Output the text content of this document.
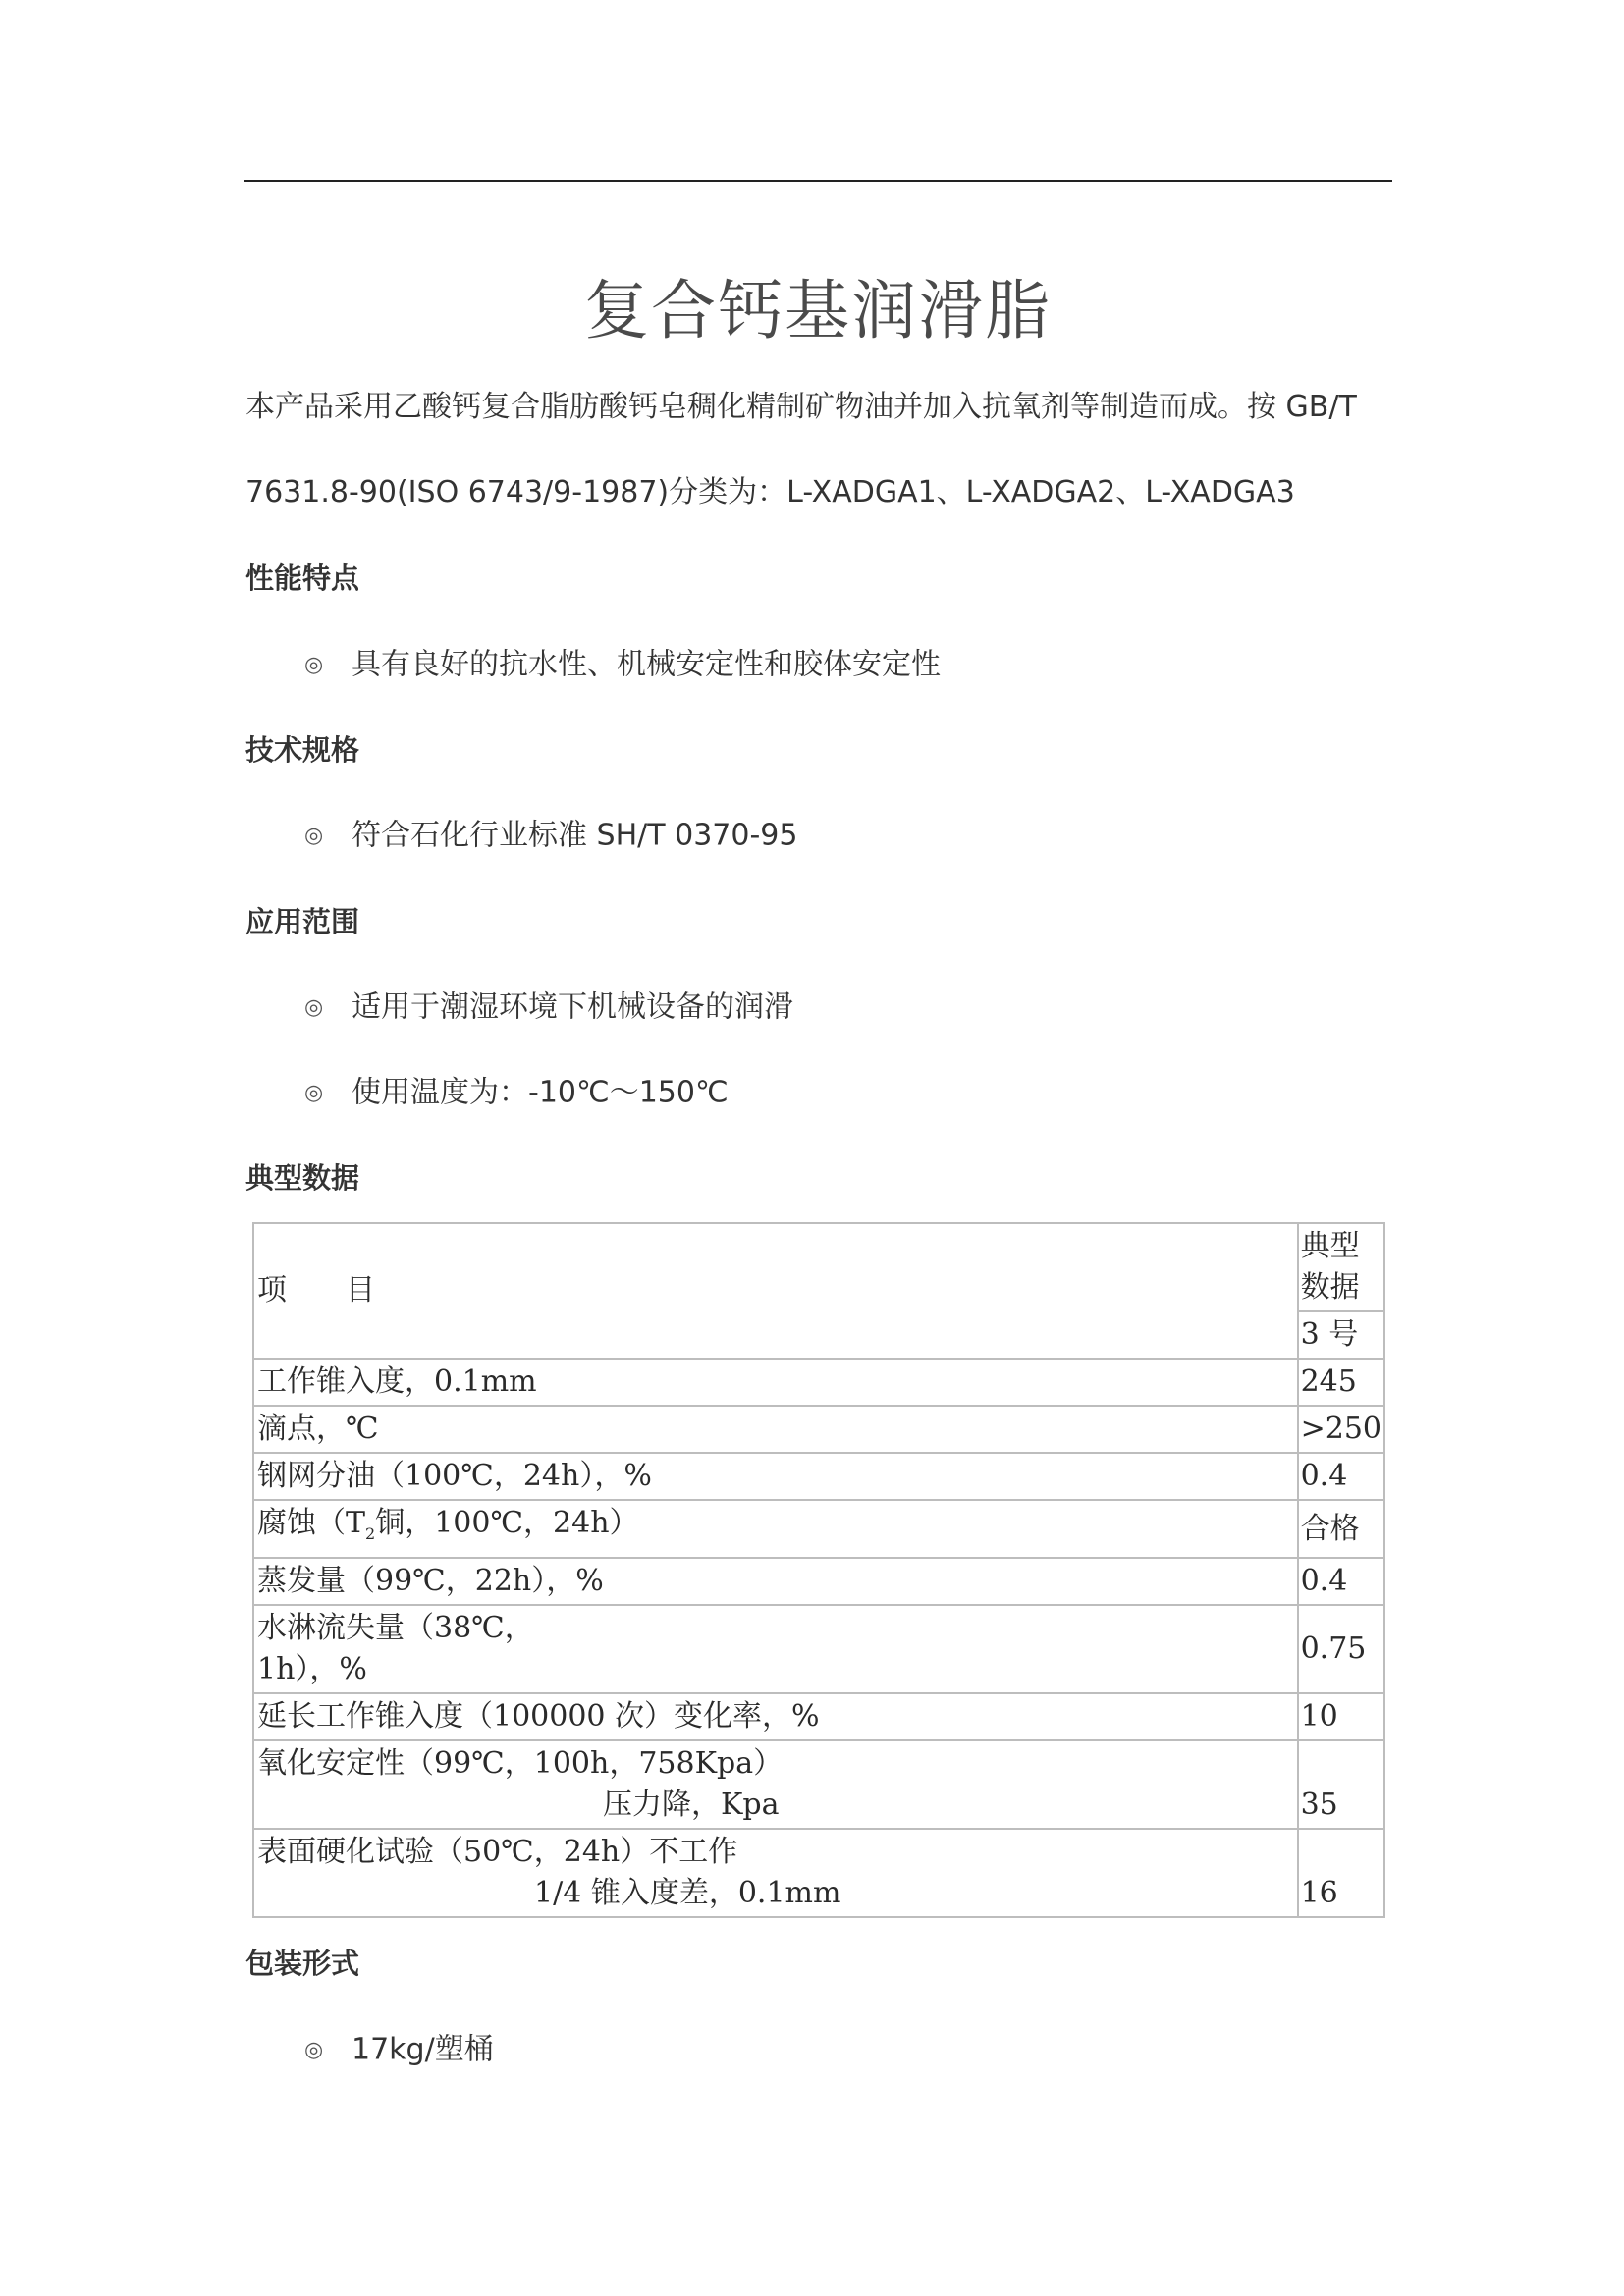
复合钙基润滑脂
本产品采用乙酸钙复合脂肪酸钙皂稠化精制矿物油并加入抗氧剂等制造而成。按 GB/T
7631.8-90(ISO 6743/9-1987)分类为：L-XADGA1、L-XADGA2、L-XADGA3
性能特点
◎ 具有良好的抗水性、机械安定性和胶体安定性
技术规格
◎ 符合石化行业标准 SH/T 0370-95
应用范围
◎ 适用于潮湿环境下机械设备的润滑
◎ 使用温度为：-10℃～150℃
典型数据
项　　目	典型数据
	3 号
工作锥入度，0.1mm	245
滴点，℃	>250
钢网分油（100℃，24h），%	0.4
腐蚀（$T_2$铜，100℃，24h）	合格
蒸发量（99℃，22h），%	0.4

水淋流失量（38℃，
1h），%	0.75
延长工作锥入度（100000 次）变化率，%	10

氧化安定性（99℃，100h，758Kpa）
压力降，Kpa	35

表面硬化试验（50℃，24h）不工作
1/4 锥入度差，0.1mm	16
包装形式
◎ 17kg/塑桶
